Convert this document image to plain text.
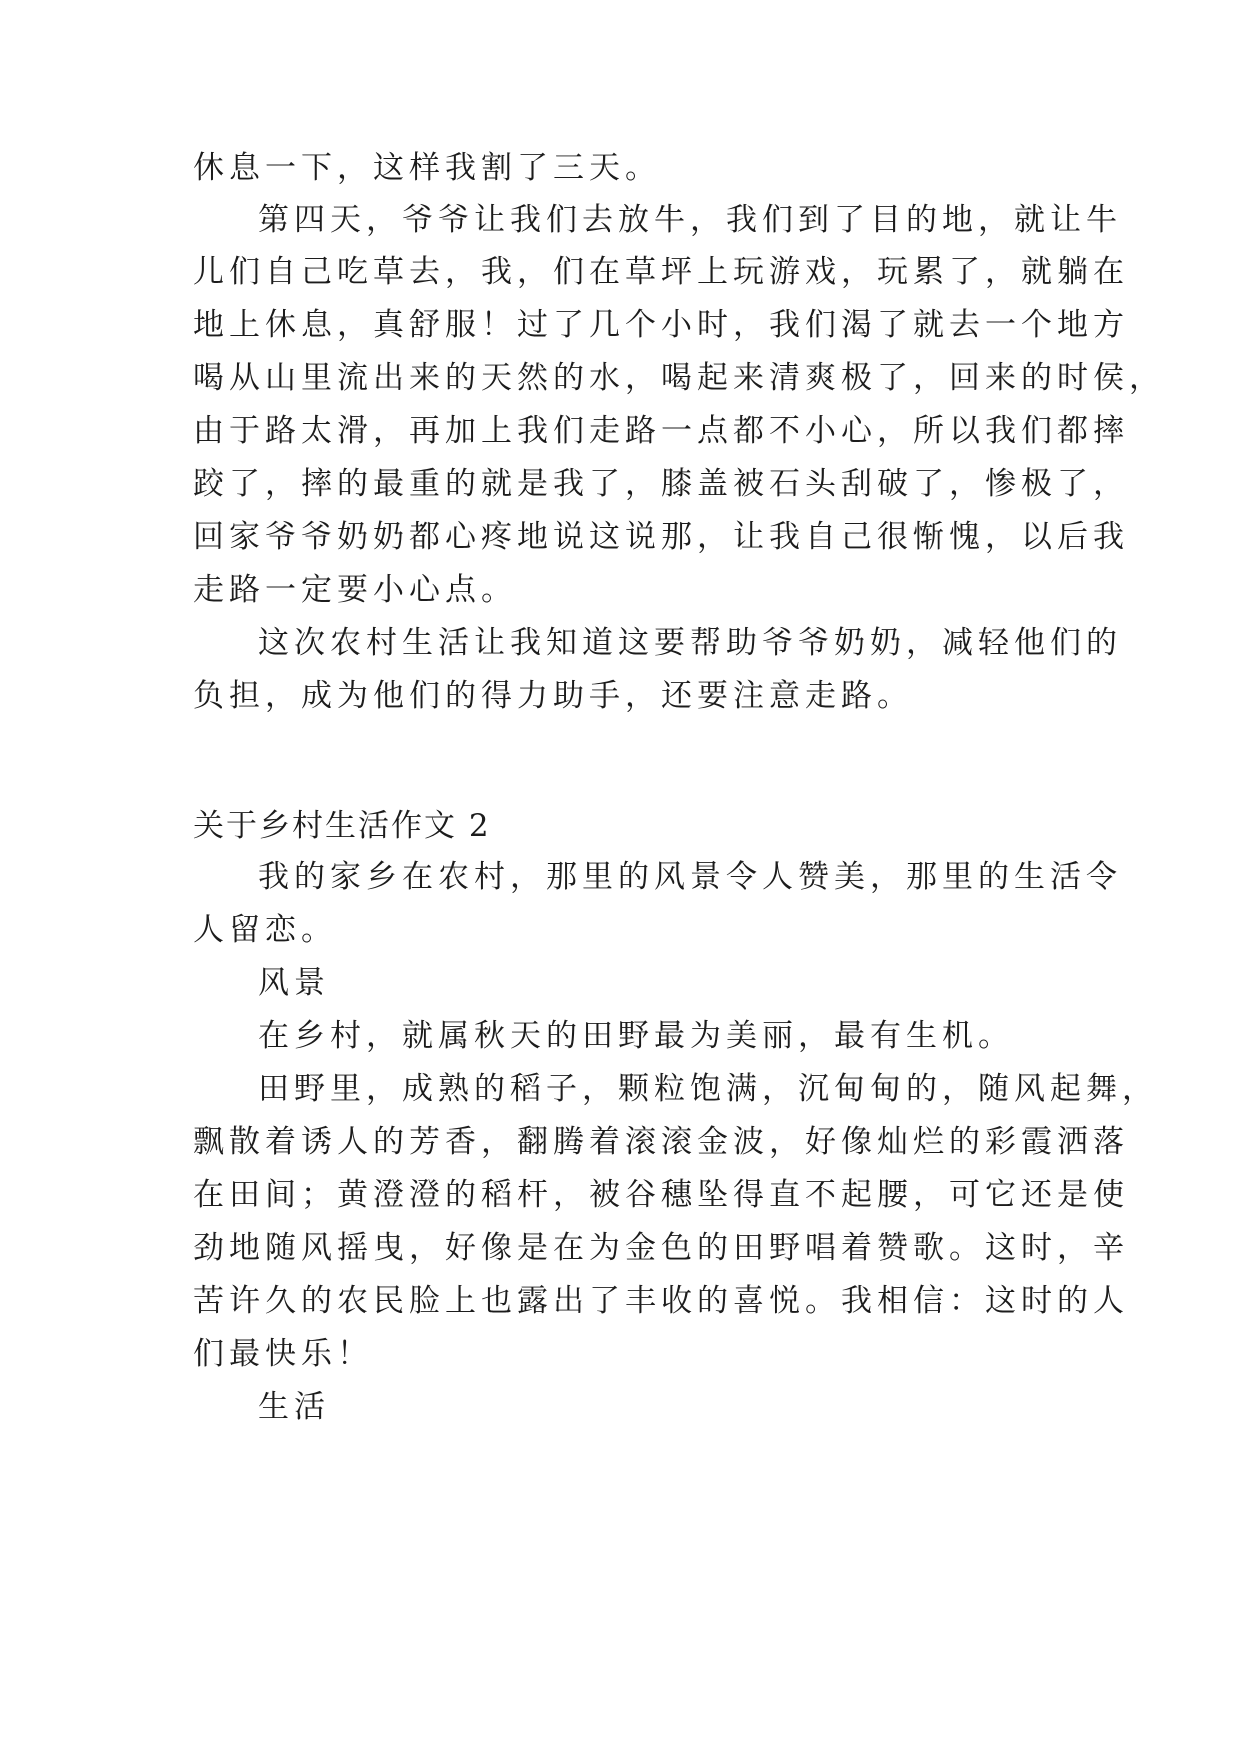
休息一下，这样我割了三天。
第四天，爷爷让我们去放牛，我们到了目的地，就让牛
儿们自己吃草去，我，们在草坪上玩游戏，玩累了，就躺在
地上休息，真舒服！过了几个小时，我们渴了就去一个地方
喝从山里流出来的天然的水，喝起来清爽极了，回来的时侯，
由于路太滑，再加上我们走路一点都不小心，所以我们都摔
跤了，摔的最重的就是我了，膝盖被石头刮破了，惨极了，
回家爷爷奶奶都心疼地说这说那，让我自己很惭愧，以后我
走路一定要小心点。
这次农村生活让我知道这要帮助爷爷奶奶，减轻他们的
负担，成为他们的得力助手，还要注意走路。
关于乡村生活作文 2
我的家乡在农村，那里的风景令人赞美，那里的生活令
人留恋。
风景
在乡村，就属秋天的田野最为美丽，最有生机。
田野里，成熟的稻子，颗粒饱满，沉甸甸的，随风起舞，
飘散着诱人的芳香，翻腾着滚滚金波，好像灿烂的彩霞洒落
在田间；黄澄澄的稻杆，被谷穗坠得直不起腰，可它还是使
劲地随风摇曳，好像是在为金色的田野唱着赞歌。这时，辛
苦许久的农民脸上也露出了丰收的喜悦。我相信：这时的人
们最快乐！
生活
